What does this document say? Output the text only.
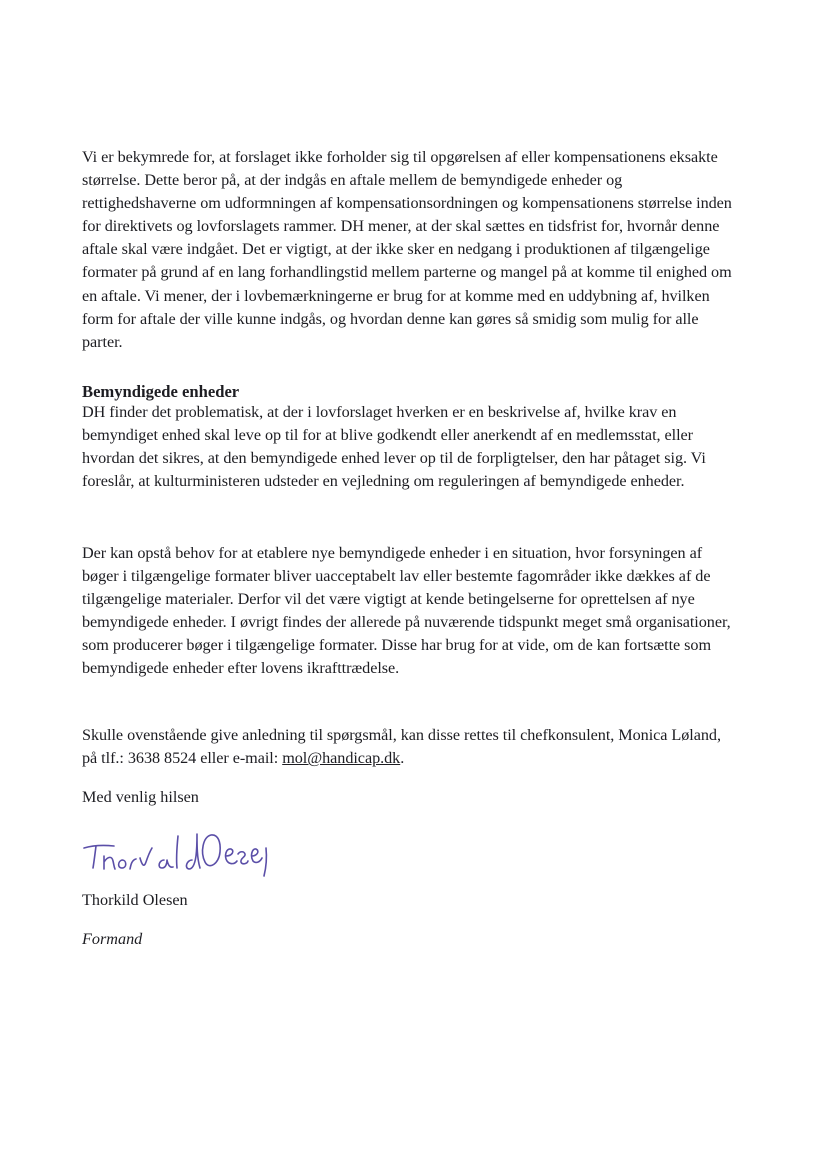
Vi er bekymrede for, at forslaget ikke forholder sig til opgørelsen af eller kompensationens eksakte størrelse. Dette beror på, at der indgås en aftale mellem de bemyndigede enheder og rettighedshaverne om udformningen af kompensationsordningen og kompensationens størrelse inden for direktivets og lovforslagets rammer. DH mener, at der skal sættes en tidsfrist for, hvornår denne aftale skal være indgået. Det er vigtigt, at der ikke sker en nedgang i produktionen af tilgængelige formater på grund af en lang forhandlingstid mellem parterne og mangel på at komme til enighed om en aftale. Vi mener, der i lovbemærkningerne er brug for at komme med en uddybning af, hvilken form for aftale der ville kunne indgås, og hvordan denne kan gøres så smidig som mulig for alle parter.

Bemyndigede enheder

DH finder det problematisk, at der i lovforslaget hverken er en beskrivelse af, hvilke krav en bemyndiget enhed skal leve op til for at blive godkendt eller anerkendt af en medlemsstat, eller hvordan det sikres, at den bemyndigede enhed lever op til de forpligtelser, den har påtaget sig. Vi foreslår, at kulturministeren udsteder en vejledning om reguleringen af bemyndigede enheder.

Der kan opstå behov for at etablere nye bemyndigede enheder i en situation, hvor forsyningen af bøger i tilgængelige formater bliver uacceptabelt lav eller bestemte fagområder ikke dækkes af de tilgængelige materialer. Derfor vil det være vigtigt at kende betingelserne for oprettelsen af nye bemyndigede enheder. I øvrigt findes der allerede på nuværende tidspunkt meget små organisationer, som producerer bøger i tilgængelige formater. Disse har brug for at vide, om de kan fortsætte som bemyndigede enheder efter lovens ikrafttrædelse.

Skulle ovenstående give anledning til spørgsmål, kan disse rettes til chefkonsulent, Monica Løland, på tlf.: 3638 8524 eller e-mail: mol@handicap.dk.

Med venlig hilsen

Thorkild Olesen

Formand
